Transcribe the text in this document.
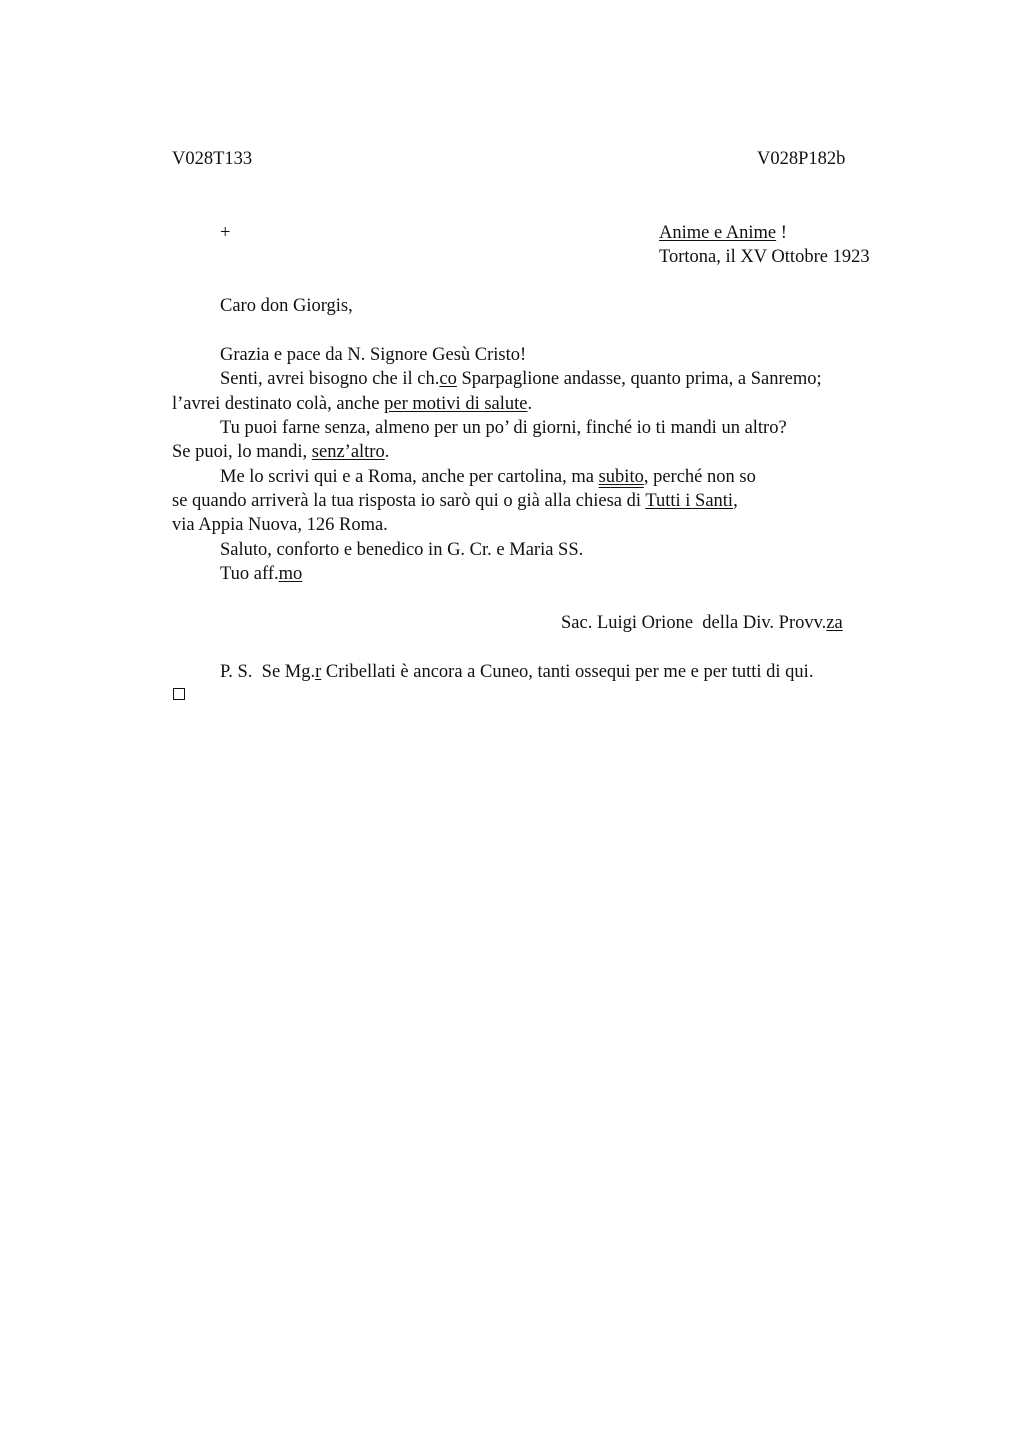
V028T133	V028P182b
+	Anime e Anime !
Tortona, il XV Ottobre 1923
Caro don Giorgis,
Grazia e pace da N. Signore Gesù Cristo!
Senti, avrei bisogno che il ch.co Sparpaglione andasse, quanto prima, a Sanremo;
l’avrei destinato colà, anche per motivi di salute.
Tu puoi farne senza, almeno per un po’ di giorni, finché io ti mandi un altro?
Se puoi, lo mandi, senz’altro.
Me lo scrivi qui e a Roma, anche per cartolina, ma subito, perché non so
se quando arriverà la tua risposta io sarò qui o già alla chiesa di Tutti i Santi,
via Appia Nuova, 126 Roma.
Saluto, conforto e benedico in G. Cr. e Maria SS.
Tuo aff.mo
Sac. Luigi Orione  della Div. Provv.za
P. S.  Se Mg.r Cribellati è ancora a Cuneo, tanti ossequi per me e per tutti di qui.
